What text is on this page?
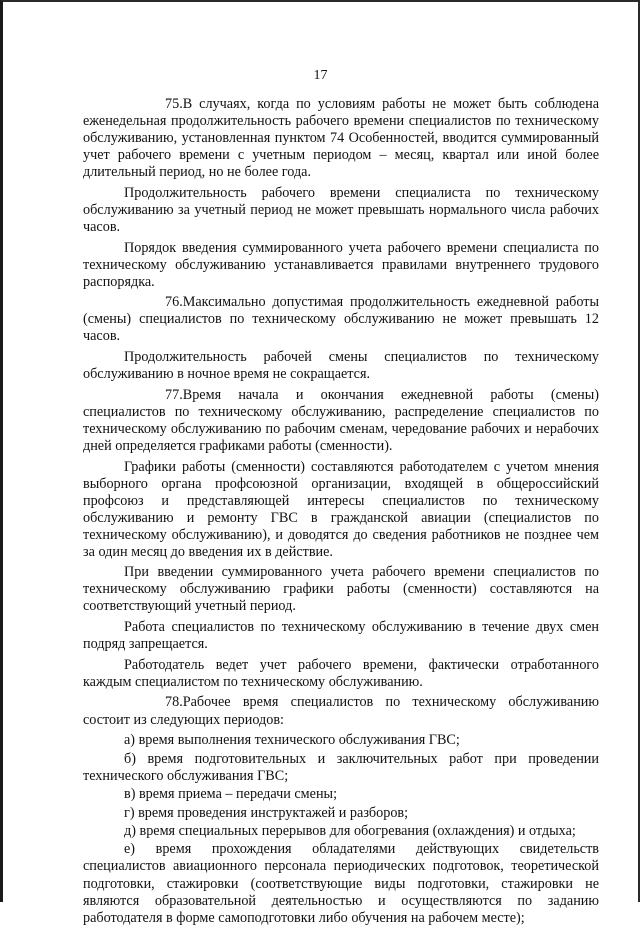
17

75.В случаях, когда по условиям работы не может быть соблюдена еженедельная продолжительность рабочего времени специалистов по техническому обслуживанию, установленная пунктом 74 Особенностей, вводится суммированный учет рабочего времени с учетным периодом – месяц, квартал или иной более длительный период, но не более года.

Продолжительность рабочего времени специалиста по техническому обслуживанию за учетный период не может превышать нормального числа рабочих часов.

Порядок введения суммированного учета рабочего времени специалиста по техническому обслуживанию устанавливается правилами внутреннего трудового распорядка.

76.Максимально допустимая продолжительность ежедневной работы (смены) специалистов по техническому обслуживанию не может превышать 12 часов.

Продолжительность рабочей смены специалистов по техническому обслуживанию в ночное время не сокращается.

77.Время начала и окончания ежедневной работы (смены) специалистов по техническому обслуживанию, распределение специалистов по техническому обслуживанию по рабочим сменам, чередование рабочих и нерабочих дней определяется графиками работы (сменности).

Графики работы (сменности) составляются работодателем с учетом мнения выборного органа профсоюзной организации, входящей в общероссийский профсоюз и представляющей интересы специалистов по техническому обслуживанию и ремонту ГВС в гражданской авиации (специалистов по техническому обслуживанию), и доводятся до сведения работников не позднее чем за один месяц до введения их в действие.

При введении суммированного учета рабочего времени специалистов по техническому обслуживанию графики работы (сменности) составляются на соответствующий учетный период.

Работа специалистов по техническому обслуживанию в течение двух смен подряд запрещается.

Работодатель ведет учет рабочего времени, фактически отработанного каждым специалистом по техническому обслуживанию.

78.Рабочее время специалистов по техническому обслуживанию состоит из следующих периодов:

а) время выполнения технического обслуживания ГВС;

б) время подготовительных и заключительных работ при проведении технического обслуживания ГВС;

в) время приема – передачи смены;

г) время проведения инструктажей и разборов;

д) время специальных перерывов для обогревания (охлаждения) и отдыха;

е) время прохождения обладателями действующих свидетельств специалистов авиационного персонала периодических подготовок, теоретической подготовки, стажировки (соответствующие виды подготовки, стажировки не являются образовательной деятельностью и осуществляются по заданию работодателя в форме самоподготовки либо обучения на рабочем месте);
